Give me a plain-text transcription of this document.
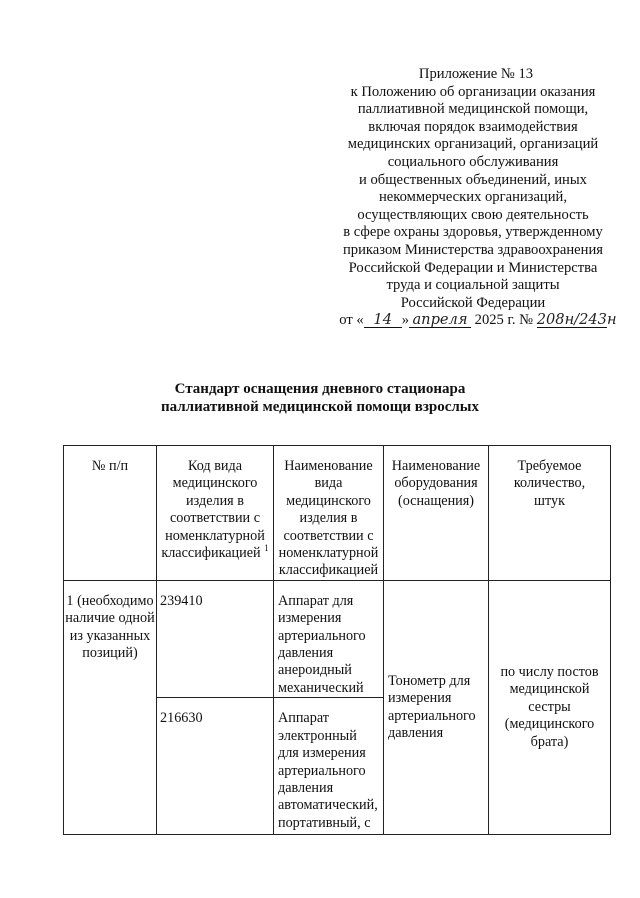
Приложение № 13
к Положению об организации оказания
паллиативной медицинской помощи,
включая порядок взаимодействия
медицинских организаций, организаций
социального обслуживания
и общественных объединений, иных
некоммерческих организаций,
осуществляющих свою деятельность
в сфере охраны здоровья, утвержденному
приказом Министерства здравоохранения
Российской Федерации и Министерства
труда и социальной защиты
Российской Федерации
от « 14 » апреля 2025 г. № 208н/243н
Стандарт оснащения дневного стационара
паллиативной медицинской помощи взрослых
№ п/п	Код вида медицинского изделия в соответствии с номенклатурной классификацией $^1$	Наименование вида медицинского изделия в соответствии с номенклатурной классификацией	Наименование оборудования (оснащения)	Требуемое количество, штук
1 (необходимо наличие одной из указанных позиций)	239410	Аппарат для измерения артериального давления анероидный механический	Тонометр для измерения артериального давления	по числу постов медицинской сестры (медицинского брата)
	216630	Аппарат электронный для измерения артериального давления автоматический, портативный, с		
